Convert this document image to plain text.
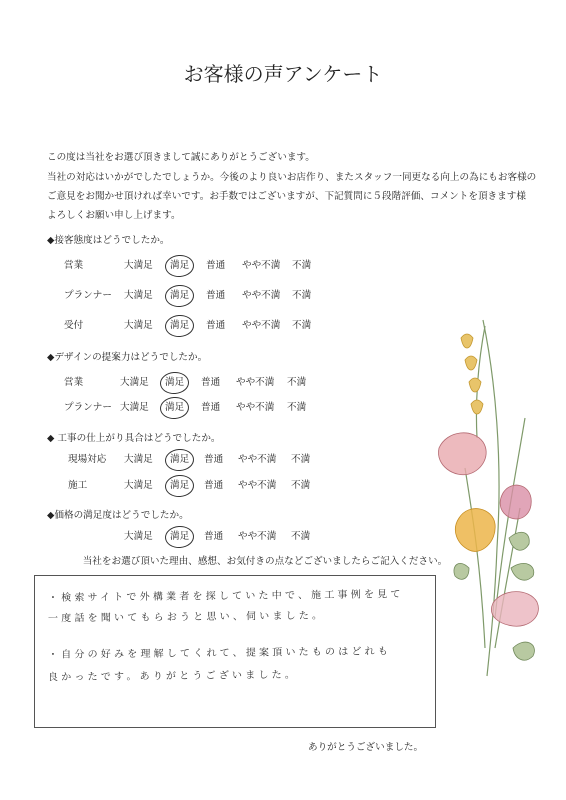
お客様の声アンケート
この度は当社をお選び頂きまして誠にありがとうございます。
当社の対応はいかがでしたでしょうか。今後のより良いお店作り、またスタッフ一同更なる向上の為にもお客様の
ご意見をお聞かせ頂ければ幸いです。お手数ではございますが、下記質問に５段階評価、コメントを頂きます様
よろしくお願い申し上げます。
◆接客態度はどうでしたか。
営業	大満足 満足 普通 やや不満 不満
プランナー 大満足 満足 普通 やや不満 不満
受付	大満足 満足 普通 やや不満 不満
◆デザインの提案力はどうでしたか。
営業	大満足 満足 普通 やや不満 不満
プランナー 大満足 満足 普通 やや不満 不満
◆ 工事の仕上がり具合はどうでしたか。
現場対応 大満足 満足 普通 やや不満 不満
施工	大満足 満足 普通 やや不満 不満
◆価格の満足度はどうでしたか。
大満足 満足 普通 やや不満 不満
当社をお選び頂いた理由、感想、お気付きの点などございましたらご記入ください。
・検索サイトで外構業者を探していた中で、施工事例を見て
一度話を聞いてもらおうと思い、伺いました。
・自分の好みを理解してくれて、提案頂いたものはどれも
良かったです。ありがとうございました。
ありがとうございました。
